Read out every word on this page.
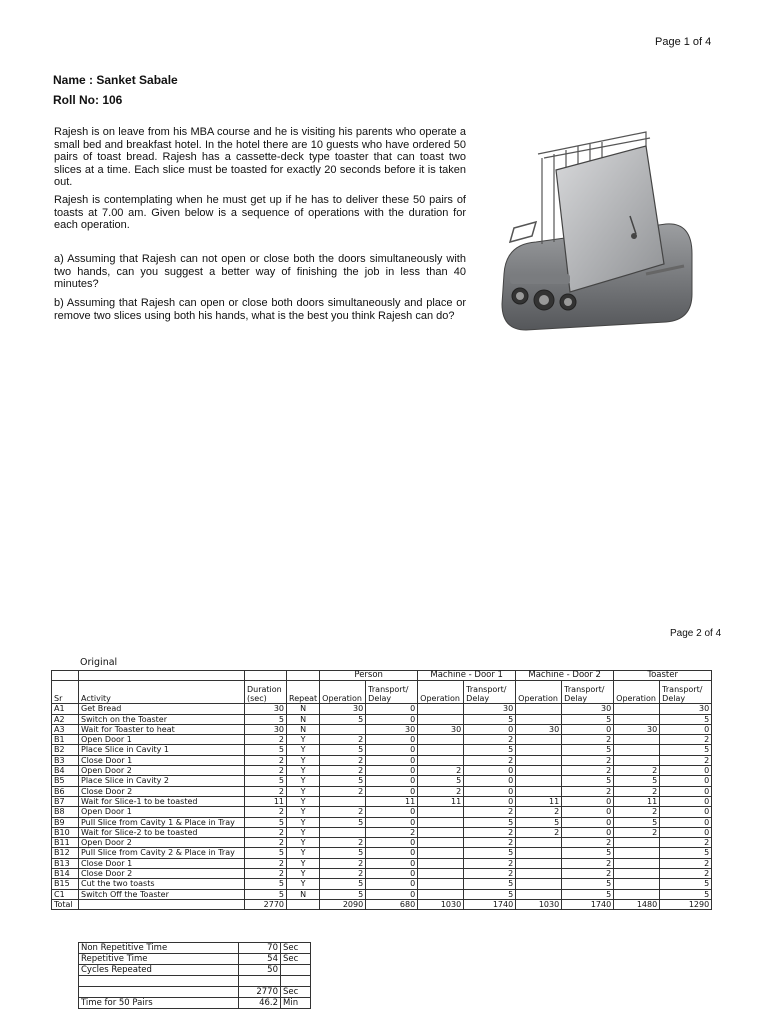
Page 1 of 4
Name : Sanket Sabale
Roll No: 106
Rajesh is on leave from his MBA course and he is visiting his parents who operate a small bed and breakfast hotel. In the hotel there are 10 guests who have ordered 50 pairs of toast bread. Rajesh has a cassette-deck type toaster that can toast two slices at a time. Each slice must be toasted for exactly 20 seconds before it is taken out.
Rajesh is contemplating when he must get up if he has to deliver these 50 pairs of toasts at 7.00 am. Given below is a sequence of operations with the duration for each operation.
a) Assuming that Rajesh can not open or close both the doors simultaneously with two hands, can you suggest a better way of finishing the job in less than 40 minutes?
b) Assuming that Rajesh can open or close both doors simultaneously and place or remove two slices using both his hands, what is the best you think Rajesh can do?
Page 2 of 4
Original
				Person		Machine - Door 1		Machine - Door 2		Toaster	
Sr	Activity	Duration (sec)	Repeat	Operation	Transport/ Delay	Operation	Transport/ Delay	Operation	Transport/ Delay	Operation	Transport/ Delay
A1	Get Bread	30	N	30	0		30		30		30
A2	Switch on the Toaster	5	N	5	0		5		5		5
A3	Wait for Toaster to heat	30	N		30	30	0	30	0	30	0
B1	Open Door 1	2	Y	2	0		2		2		2
B2	Place Slice in Cavity 1	5	Y	5	0		5		5		5
B3	Close Door 1	2	Y	2	0		2		2		2
B4	Open Door 2	2	Y	2	0	2	0		2	2	0
B5	Place Slice in Cavity 2	5	Y	5	0	5	0		5	5	0
B6	Close Door 2	2	Y	2	0	2	0		2	2	0
B7	Wait for Slice-1 to be toasted	11	Y		11	11	0	11	0	11	0
B8	Open Door 1	2	Y	2	0		2	2	0	2	0
B9	Pull Slice from Cavity 1 & Place in Tray	5	Y	5	0		5	5	0	5	0
B10	Wait for Slice-2 to be toasted	2	Y		2		2	2	0	2	0
B11	Open Door 2	2	Y	2	0		2		2		2
B12	Pull Slice from Cavity 2 & Place in Tray	5	Y	5	0		5		5		5
B13	Close Door 1	2	Y	2	0		2		2		2
B14	Close Door 2	2	Y	2	0		2		2		2
B15	Cut the two toasts	5	Y	5	0		5		5		5
C1	Switch Off the Toaster	5	N	5	0		5		5		5
Total		2770		2090	680	1030	1740	1030	1740	1480	1290
Non Repetitive Time	70	Sec
Repetitive Time	54	Sec
Cycles Repeated	50	

	2770	Sec
Time for 50 Pairs	46.2	Min
